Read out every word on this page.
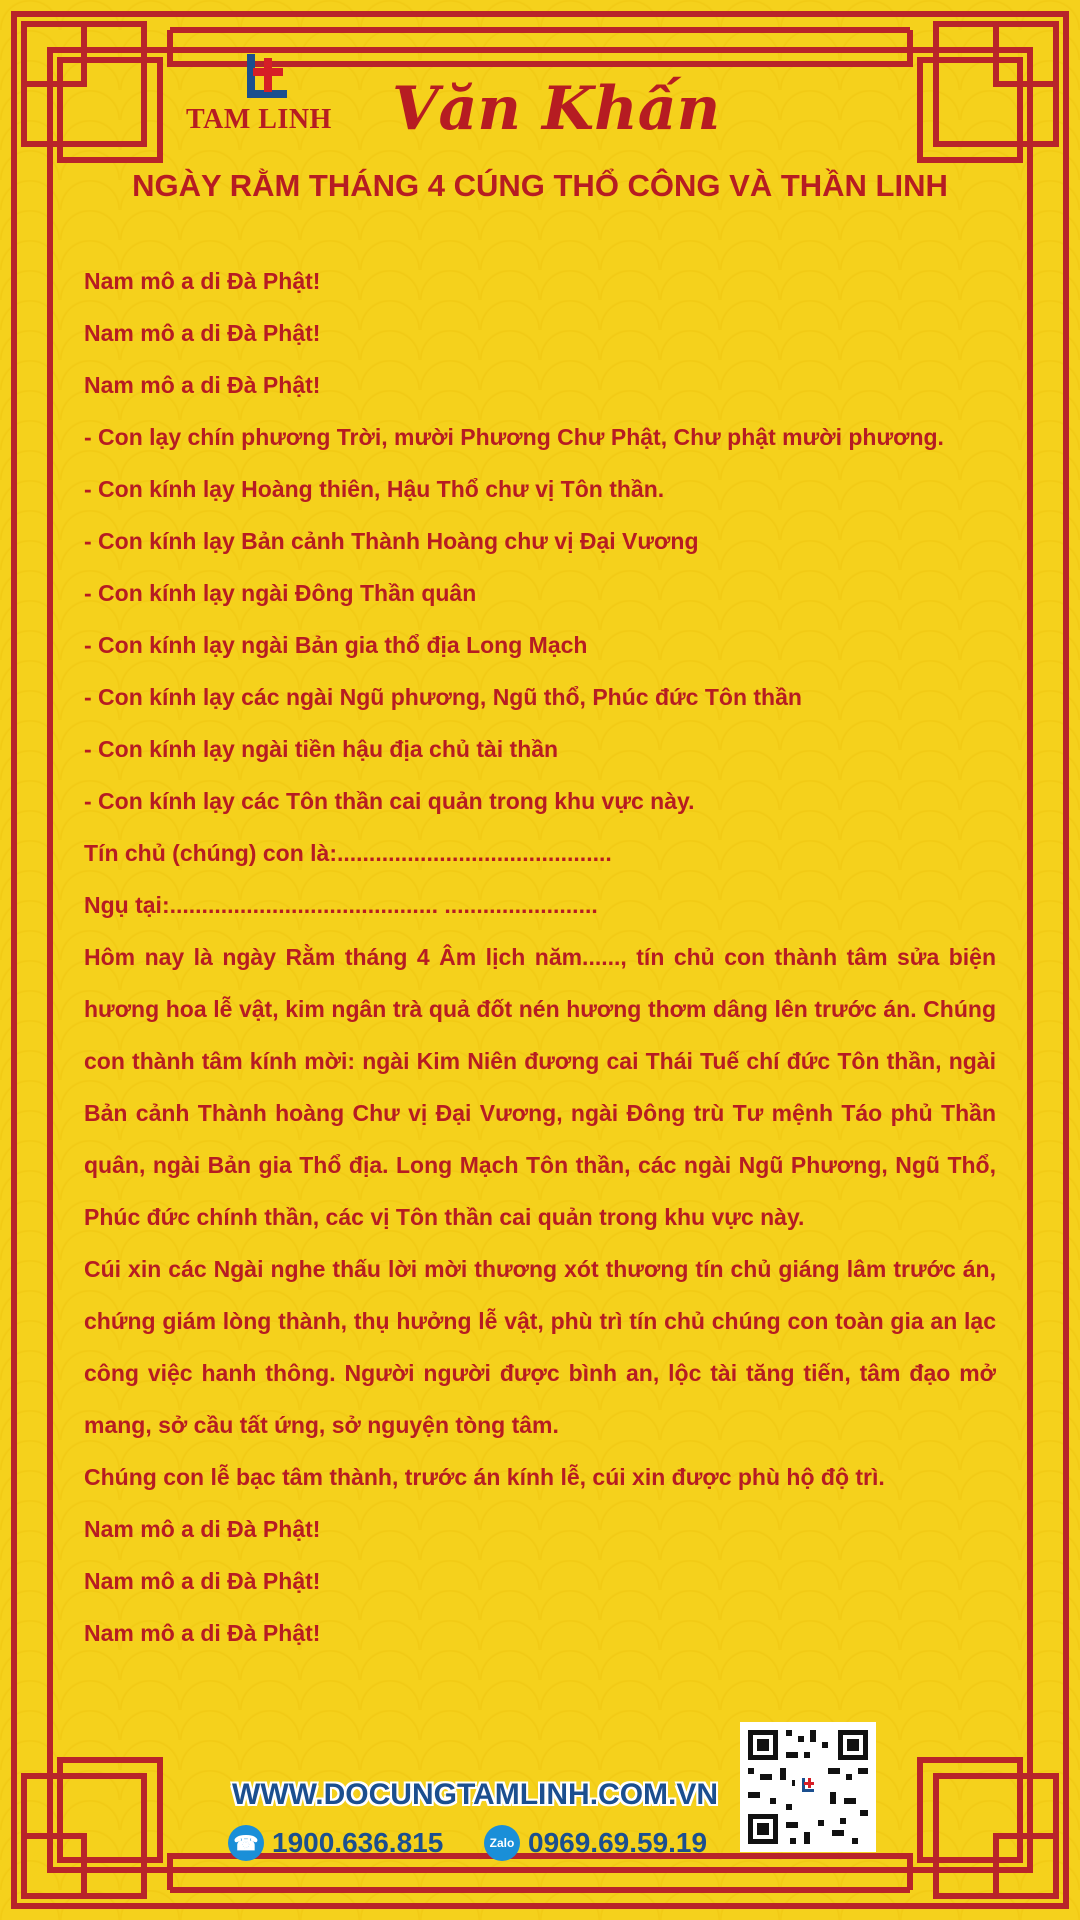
TAM LINH Văn Khấn
NGÀY RẰM THÁNG 4 CÚNG THỔ CÔNG VÀ THẦN LINH

Nam mô a di Đà Phật!

Nam mô a di Đà Phật!

Nam mô a di Đà Phật!

- Con lạy chín phương Trời, mười Phương Chư Phật, Chư phật mười phương.

- Con kính lạy Hoàng thiên, Hậu Thổ chư vị Tôn thần.

- Con kính lạy Bản cảnh Thành Hoàng chư vị Đại Vương

- Con kính lạy ngài Đông Thần quân

- Con kính lạy ngài Bản gia thổ địa Long Mạch

- Con kính lạy các ngài Ngũ phương, Ngũ thổ, Phúc đức Tôn thần

- Con kính lạy ngài tiền hậu địa chủ tài thần

- Con kính lạy các Tôn thần cai quản trong khu vực này.

Tín chủ (chúng) con là:...........................................

Ngụ tại:.......................................... ........................

Hôm nay là ngày Rằm tháng 4 Âm lịch năm......, tín chủ con thành tâm sửa biện hương hoa lễ vật, kim ngân trà quả đốt nén hương thơm dâng lên trước án. Chúng con thành tâm kính mời: ngài Kim Niên đương cai Thái Tuế chí đức Tôn thần, ngài Bản cảnh Thành hoàng Chư vị Đại Vương, ngài Đông trù Tư mệnh Táo phủ Thần quân, ngài Bản gia Thổ địa. Long Mạch Tôn thần, các ngài Ngũ Phương, Ngũ Thổ, Phúc đức chính thần, các vị Tôn thần cai quản trong khu vực này.

Cúi xin các Ngài nghe thấu lời mời thương xót thương tín chủ giáng lâm trước án, chứng giám lòng thành, thụ hưởng lễ vật, phù trì tín chủ chúng con toàn gia an lạc công việc hanh thông. Người người được bình an, lộc tài tăng tiến, tâm đạo mở mang, sở cầu tất ứng, sở nguyện tòng tâm.

Chúng con lễ bạc tâm thành, trước án kính lễ, cúi xin được phù hộ độ trì.

Nam mô a di Đà Phật!

Nam mô a di Đà Phật!

Nam mô a di Đà Phật!

WWW.DOCUNGTAMLINH.COM.VN
☎ 1900.636.815	Zalo 0969.69.59.19
